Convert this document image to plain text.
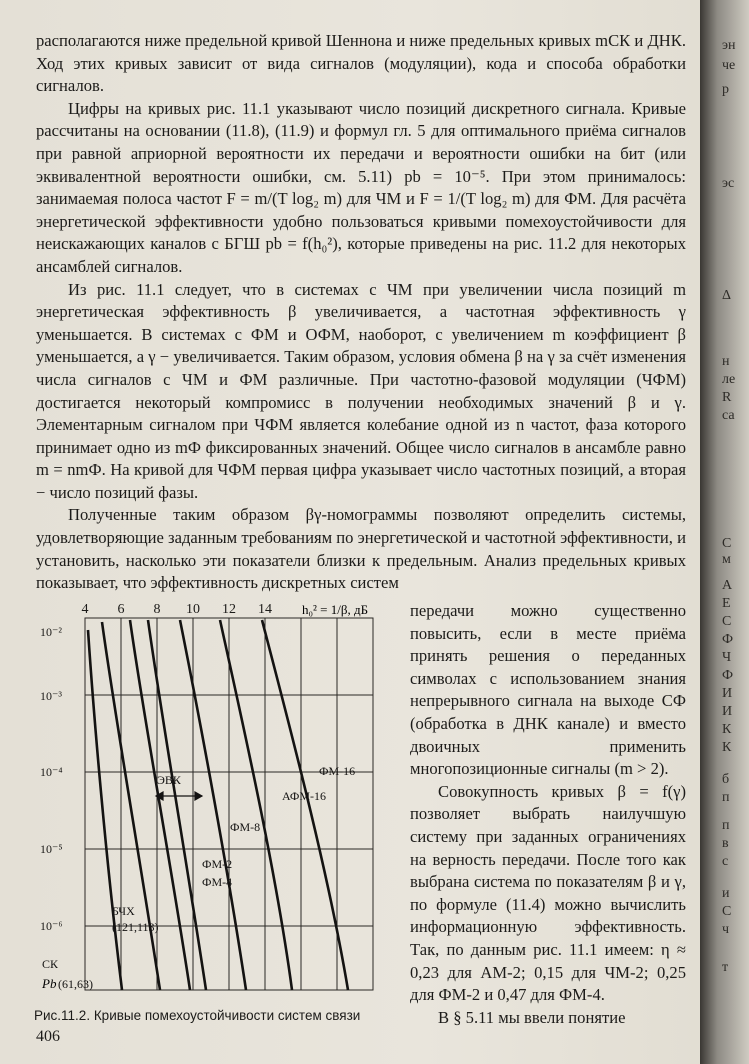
располагаются ниже предельной кривой Шеннона и ниже предельных кривых mСК и ДНК. Ход этих кривых зависит от вида сигналов (модуляции), кода и способа обработки сигналов.

Цифры на кривых рис. 11.1 указывают число позиций дискретного сигнала. Кривые рассчитаны на основании (11.8), (11.9) и формул гл. 5 для оптимального приёма сигналов при равной априорной вероятности их передачи и вероятности ошибки на бит (или эквивалентной вероятности ошибки, см. 5.11) pb = 10⁻⁵. При этом принималось: занимаемая полоса частот F = m/(T log₂ m) для ЧМ и F = 1/(T log₂ m) для ФМ. Для расчёта энергетической эффективности удобно пользоваться кривыми помехоустойчивости для неискажающих каналов с БГШ pb = f(h₀²), которые приведены на рис. 11.2 для некоторых ансамблей сигналов.

Из рис. 11.1 следует, что в системах с ЧМ при увеличении числа позиций m энергетическая эффективность β увеличивается, а частотная эффективность γ уменьшается. В системах с ФМ и ОФМ, наоборот, с увеличением m коэффициент β уменьшается, а γ − увеличивается. Таким образом, условия обмена β на γ за счёт изменения числа сигналов с ЧМ и ФМ различные. При частотно-фазовой модуляции (ЧФМ) достигается некоторый компромисс в получении необходимых значений β и γ. Элементарным сигналом при ЧФМ является колебание одной из n частот, фаза которого принимает одно из mФ фиксированных значений. Общее число сигналов в ансамбле равно m = nmФ. На кривой для ЧФМ первая цифра указывает число частотных позиций, а вторая − число позиций фазы.

Полученные таким образом βγ-номограммы позволяют определить системы, удовлетворяющие заданным требованиям по энергетической и частотной эффективности, и установить, насколько эти показатели близки к предельным. Анализ предельных кривых показывает, что эффективность дискретных систем

4 6 8 10 12 14 h₀² = 1/β, дБ
10⁻²
10⁻³
10⁻⁴
10⁻⁵
10⁻⁶
Pb
ФМ-16
АФМ-16
ФМ-8
ФМ-2
ФМ-4
ЭВК
БЧХ
(121,113)
СК
(61,63)
Рис.11.2. Кривые помехоустойчивости систем связи

передачи можно существенно повысить, если в месте приёма принять решения о переданных символах с использованием знания непрерывного сигнала на выходе СФ (обработка в ДНК канале) и вместо двоичных применить многопозиционные сигналы (m > 2).

Совокупность кривых β = f(γ) позволяет выбрать наилучшую систему при заданных ограничениях на верность передачи. После того как выбрана система по показателям β и γ, по формуле (11.4) можно вычислить информационную эффективность. Так, по данным рис. 11.1 имеем: η ≈ 0,23 для АМ-2; 0,15 для ЧМ-2; 0,25 для ФМ-2 и 0,47 для ФМ-4.

В § 5.11 мы ввели понятие

406
эн
че
р
эс
Δ
н
ле
R
са
С
м
А
Е
С
Ф
Ч
Ф
И
И
К
К
б
п
п
в
с
и
С
ч
т
